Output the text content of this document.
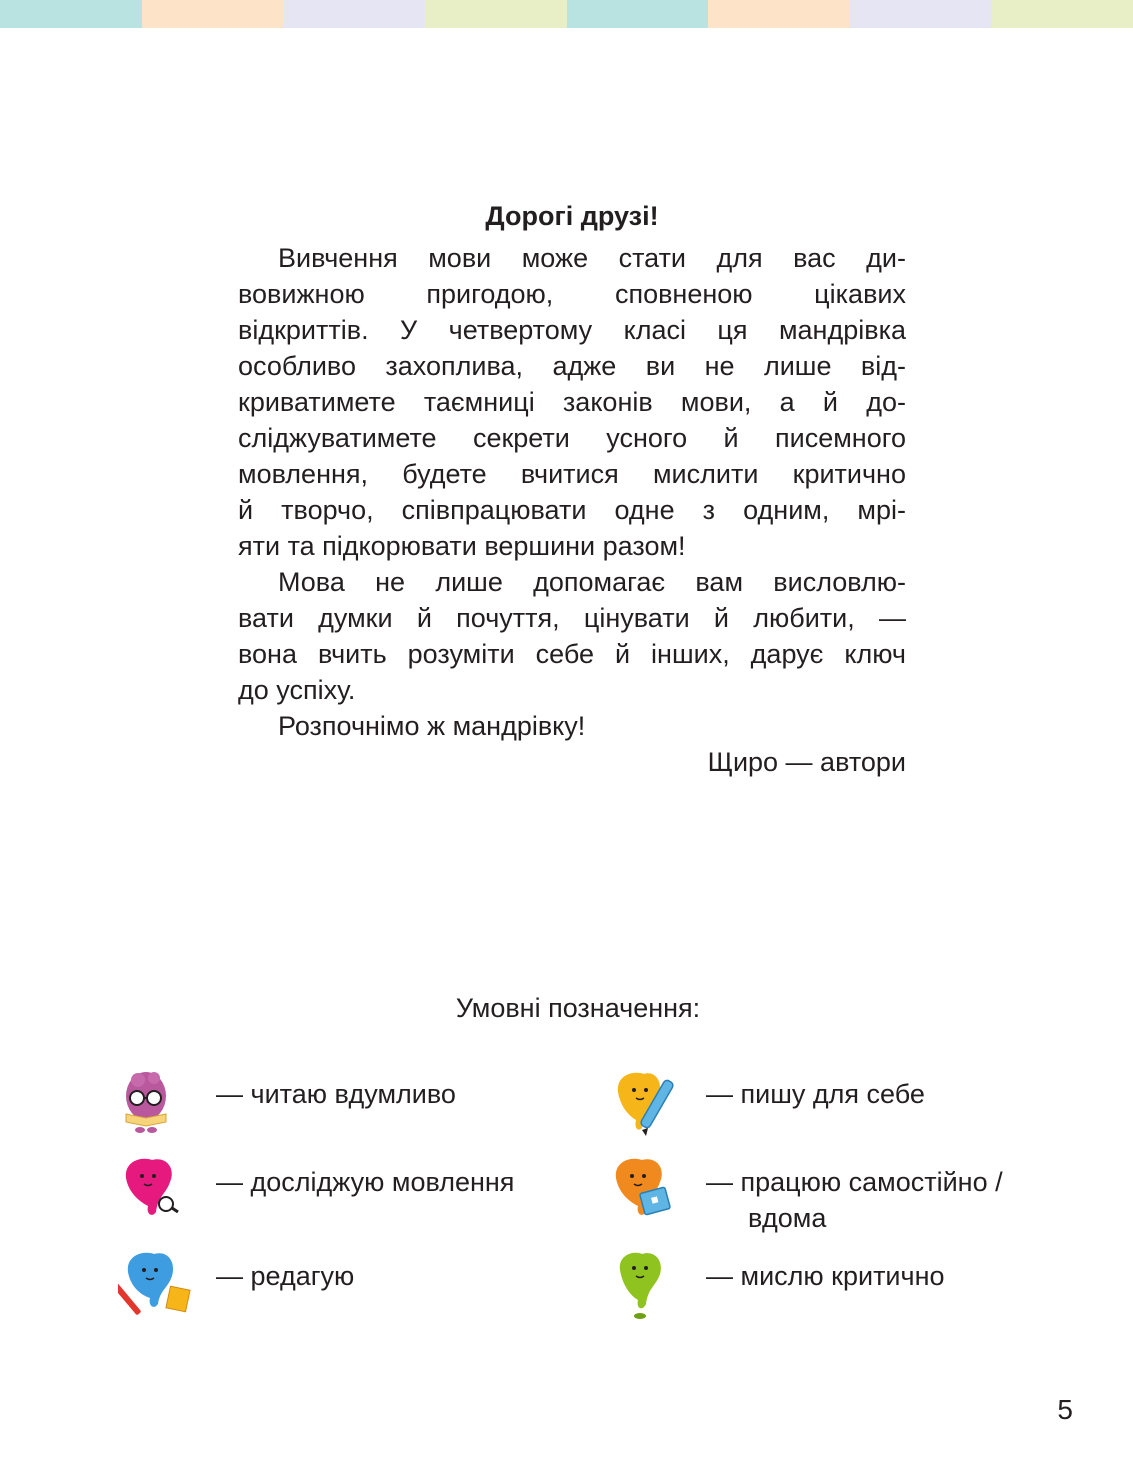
Дорогі друзі!
Вивчення мови може стати для вас ди-
вовижною пригодою, сповненою цікавих
відкриттів. У четвертому класі ця мандрівка
особливо захоплива, адже ви не лише від-
криватимете таємниці законів мови, а й до-
сліджуватимете секрети усного й писемного
мовлення, будете вчитися мислити критично
й творчо, співпрацювати одне з одним, мрі-
яти та підкорювати вершини разом!
Мова не лише допомагає вам висловлю-
вати думки й почуття, цінувати й любити, —
вона вчить розуміти себе й інших, дарує ключ
до успіху.
Розпочнімо ж мандрівку!
Щиро — автори
Умовні позначення:
— читаю вдумливо	— пишу для себе
— досліджую мовлення	— працюю самостійно /
вдома
— редагую	— мислю критично
5
